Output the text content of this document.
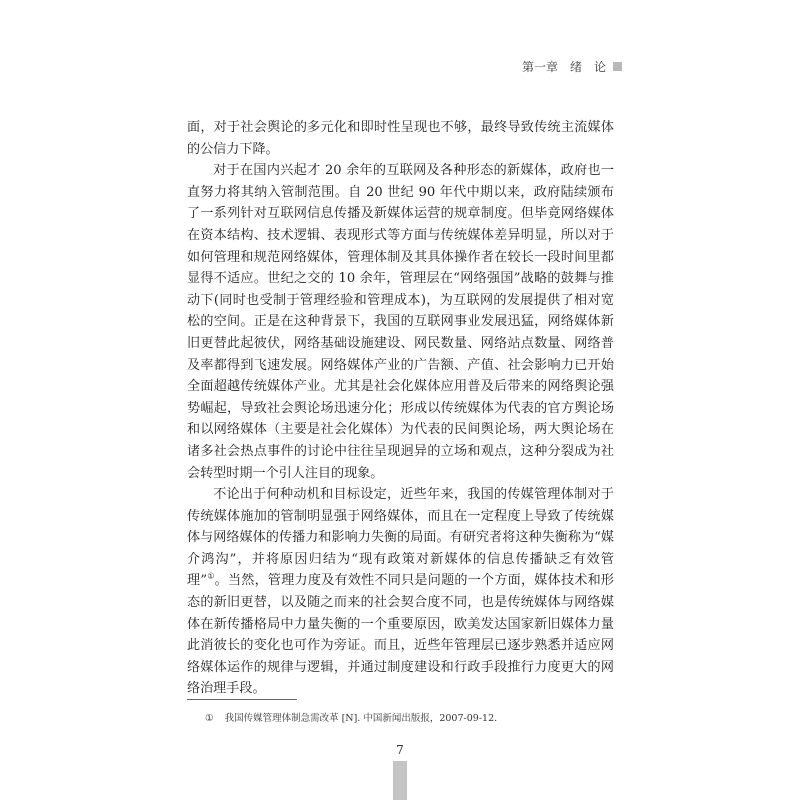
第一章　绪　论

面，对于社会舆论的多元化和即时性呈现也不够，最终导致传统主流媒体的公信力下降。

对于在国内兴起才 20 余年的互联网及各种形态的新媒体，政府也一直努力将其纳入管制范围。自 20 世纪 90 年代中期以来，政府陆续颁布了一系列针对互联网信息传播及新媒体运营的规章制度。但毕竟网络媒体在资本结构、技术逻辑、表现形式等方面与传统媒体差异明显，所以对于如何管理和规范网络媒体，管理体制及其具体操作者在较长一段时间里都显得不适应。世纪之交的 10 余年，管理层在“网络强国”战略的鼓舞与推动下(同时也受制于管理经验和管理成本)，为互联网的发展提供了相对宽松的空间。正是在这种背景下，我国的互联网事业发展迅猛，网络媒体新旧更替此起彼伏，网络基础设施建设、网民数量、网络站点数量、网络普及率都得到飞速发展。网络媒体产业的广告额、产值、社会影响力已开始全面超越传统媒体产业。尤其是社会化媒体应用普及后带来的网络舆论强势崛起，导致社会舆论场迅速分化；形成以传统媒体为代表的官方舆论场和以网络媒体（主要是社会化媒体）为代表的民间舆论场，两大舆论场在诸多社会热点事件的讨论中往往呈现迥异的立场和观点，这种分裂成为社会转型时期一个引人注目的现象。

不论出于何种动机和目标设定，近些年来，我国的传媒管理体制对于传统媒体施加的管制明显强于网络媒体，而且在一定程度上导致了传统媒体与网络媒体的传播力和影响力失衡的局面。有研究者将这种失衡称为“媒介鸿沟”，并将原因归结为“现有政策对新媒体的信息传播缺乏有效管理”①。当然，管理力度及有效性不同只是问题的一个方面，媒体技术和形态的新旧更替，以及随之而来的社会契合度不同，也是传统媒体与网络媒体在新传播格局中力量失衡的一个重要原因，欧美发达国家新旧媒体力量此消彼长的变化也可作为旁证。而且，近些年管理层已逐步熟悉并适应网络媒体运作的规律与逻辑，并通过制度建设和行政手段推行力度更大的网络治理手段。

① 我国传媒管理体制急需改革 [N]. 中国新闻出版报，2007-09-12.
7
